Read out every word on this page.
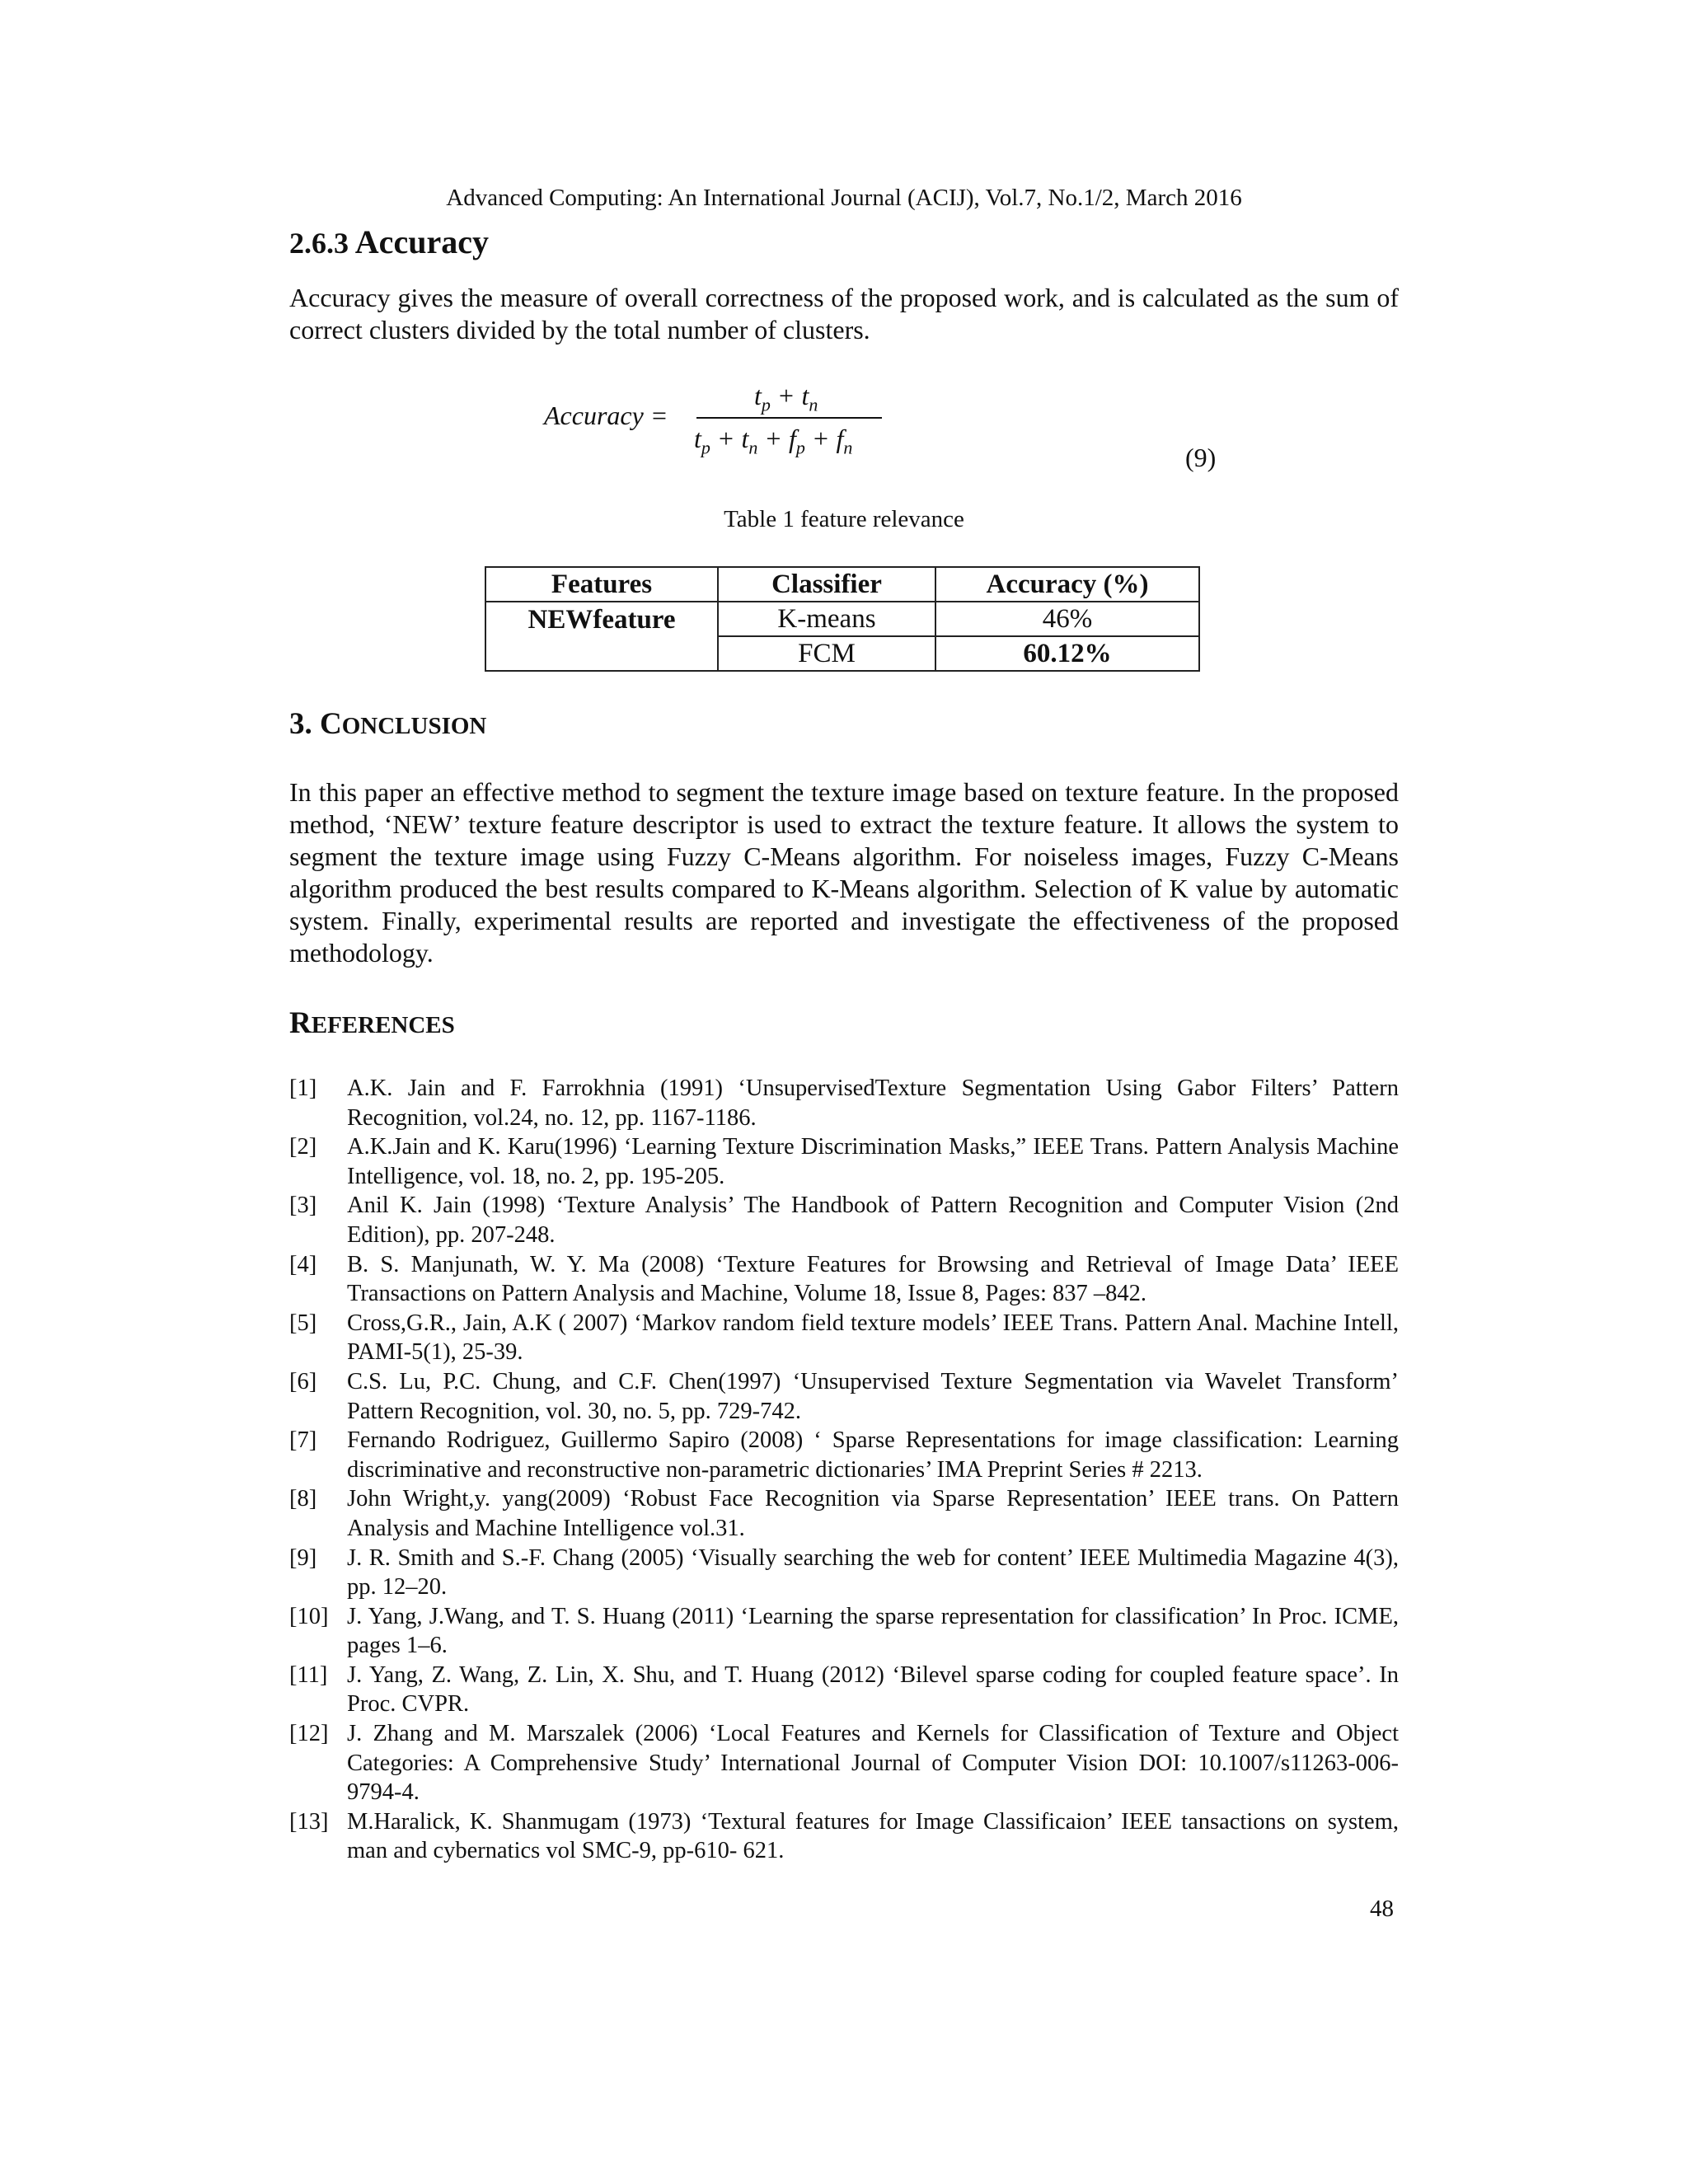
Advanced Computing: An International Journal (ACIJ), Vol.7, No.1/2, March 2016
2.6.3 Accuracy
Accuracy gives the measure of overall correctness of the proposed work, and is calculated as the sum of correct clusters divided by the total number of clusters.
Accuracy =
$t_p + t_n$
$t_p + t_n + f_p + f_n$	(9)
Table 1 feature relevance
Features	Classifier	Accuracy (%)
NEWfeature	K-means	46%
	FCM	60.12%
3. CONCLUSION
In this paper an effective method to segment the texture image based on texture feature. In the proposed method, ‘NEW’ texture feature descriptor is used to extract the texture feature. It allows the system to segment the texture image using Fuzzy C-Means algorithm. For noiseless images, Fuzzy C-Means algorithm produced the best results compared to K-Means algorithm. Selection of K value by automatic system. Finally, experimental results are reported and investigate the effectiveness of the proposed methodology.
REFERENCES
[1]	A.K. Jain and F. Farrokhnia (1991) ‘UnsupervisedTexture Segmentation Using Gabor Filters’ Pattern Recognition, vol.24, no. 12, pp. 1167-1186.
[2]	A.K.Jain and K. Karu(1996) ‘Learning Texture Discrimination Masks,” IEEE Trans. Pattern Analysis Machine Intelligence, vol. 18, no. 2, pp. 195-205.
[3]	Anil K. Jain (1998) ‘Texture Analysis’ The Handbook of Pattern Recognition and Computer Vision (2nd Edition), pp. 207-248.
[4]	B. S. Manjunath, W. Y. Ma (2008) ‘Texture Features for Browsing and Retrieval of Image Data’ IEEE Transactions on Pattern Analysis and Machine, Volume 18, Issue 8, Pages: 837 –842.
[5]	Cross,G.R., Jain, A.K ( 2007) ‘Markov random field texture models’ IEEE Trans. Pattern Anal. Machine Intell, PAMI-5(1), 25-39.
[6]	C.S. Lu, P.C. Chung, and C.F. Chen(1997) ‘Unsupervised Texture Segmentation via Wavelet Transform’ Pattern Recognition, vol. 30, no. 5, pp. 729-742.
[7]	Fernando Rodriguez, Guillermo Sapiro (2008) ‘ Sparse Representations for image classification: Learning discriminative and reconstructive non-parametric dictionaries’ IMA Preprint Series # 2213.
[8]	John Wright,y. yang(2009) ‘Robust Face Recognition via Sparse Representation’ IEEE trans. On Pattern Analysis and Machine Intelligence vol.31.
[9]	J. R. Smith and S.-F. Chang (2005) ‘Visually searching the web for content’ IEEE Multimedia Magazine 4(3), pp. 12–20.
[10] J. Yang, J.Wang, and T. S. Huang (2011) ‘Learning the sparse representation for classification’ In Proc. ICME, pages 1–6.
[11] J. Yang, Z. Wang, Z. Lin, X. Shu, and T. Huang (2012) ‘Bilevel sparse coding for coupled feature space’. In Proc. CVPR.
[12] J. Zhang and M. Marszalek (2006) ‘Local Features and Kernels for Classification of Texture and Object Categories: A Comprehensive Study’ International Journal of Computer Vision DOI: 10.1007/s11263-006-9794-4.
[13] M.Haralick, K. Shanmugam (1973) ‘Textural features for Image Classificaion’ IEEE tansactions on system, man and cybernatics vol SMC-9, pp-610- 621.
48
